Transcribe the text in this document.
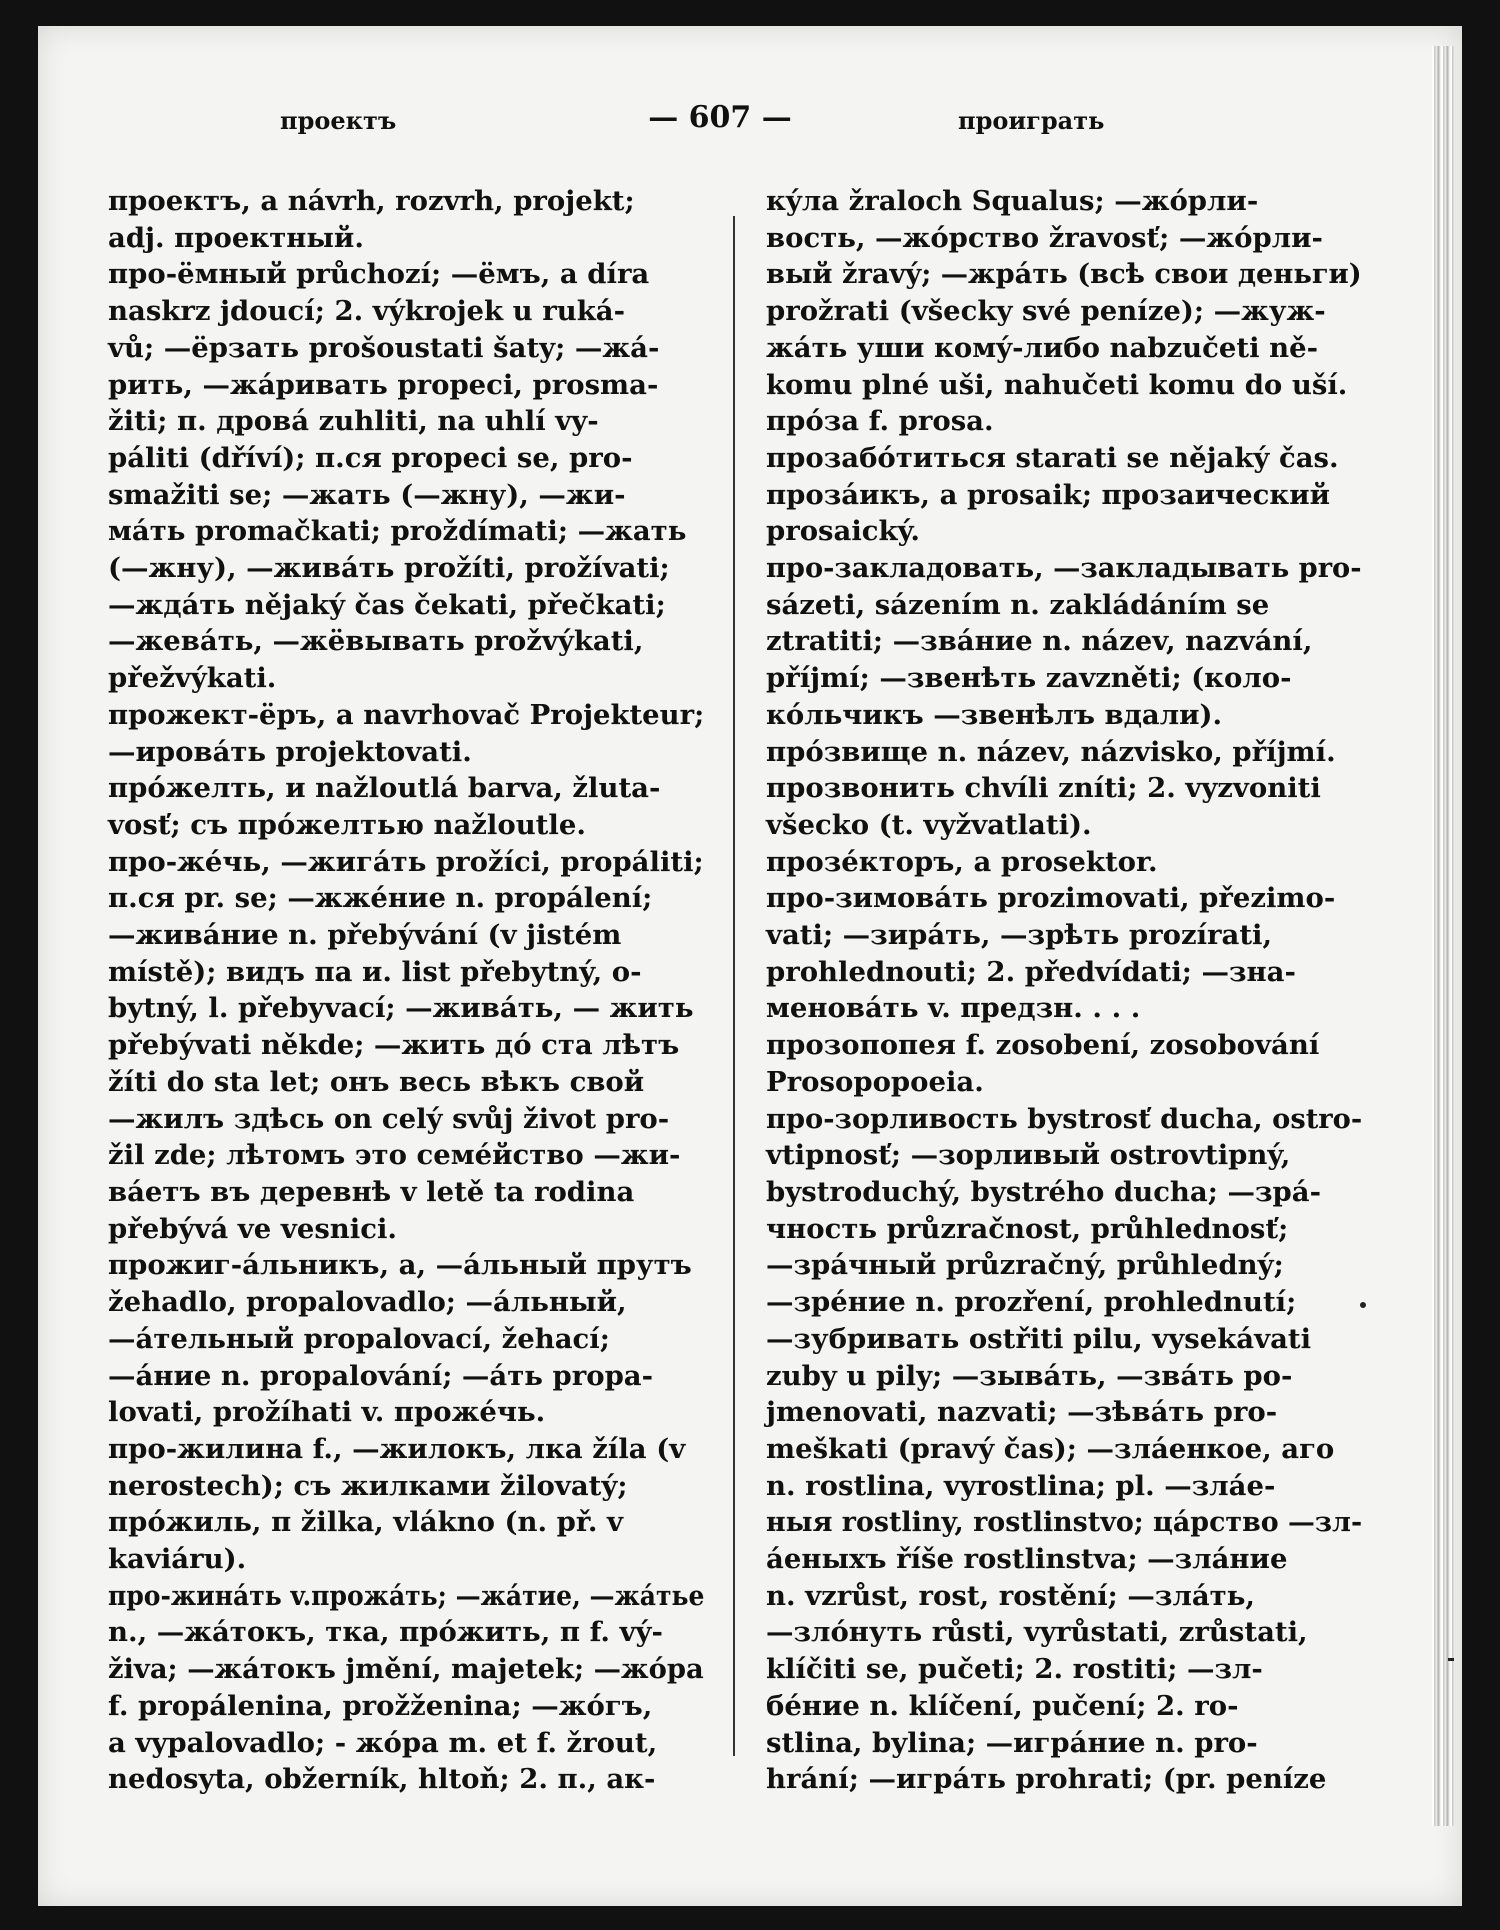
проектъ	— 607 —	проиграть
проектъ, a návrh, rozvrh, projekt;
adj. проектный.
про-ёмный průchozí; —ёмъ, a díra
naskrz jdoucí; 2. výkrojek u ruká-
vů; —ёрзать prošoustati šaty; —жá-
рить, —жáривать propeci, prosma-
žiti; п. дровá zuhliti, na uhlí vy-
páliti (dříví); п.ся propeci se, pro-
smažiti se; —жать (—жну), —жи-
мáть promačkati; proždímati; —жать
(—жну), —живáть prožíti, prožívati;
—ждáть nějaký čas čekati, přečkati;
—жевáть, —жёвывать prožvýkati,
přežvýkati.
прожект-ёръ, a navrhovač Projekteur;
—ировáть projektovati.
прóжелть, и nažloutlá barva, žluta-
vosť; съ прóжелтью nažloutle.
про-жéчь, —жигáть prožíci, propáliti;
п.ся pr. se; —жжéние n. propálení;
—живáние n. přebývání (v jistém
místě); видъ па и. list přebytný, o-
bytný, l. přebyvací; —живáть, — жить
přebývati někde; —жить дó ста лѣтъ
žíti do sta let; онъ весь вѣкъ свой
—жилъ здѣсь on celý svůj život pro-
žil zde; лѣтомъ это семéйство —жи-
вáетъ въ деревнѣ v letě ta rodina
přebývá ve vesnici.
прожиг-áльникъ, a, —áльный прутъ
žehadlo, propalovadlo; —áльный,
—áтельный propalovací, žehací;
—áние n. propalování; —áть propa-
lovati, prožíhati v. прожéчь.
про-жилина f., —жилокъ, лка žíla (v
nerostech); съ жилками žilovatý;
прóжиль, п žilka, vlákno (n. př. v
kaviáru).
про-жинáть v.прожáть; —жáтие, —жáтье
n., —жáтокъ, тка, прóжить, п f. vý-
živa; —жáтокъ jmění, majetek; —жóра
f. propálenina, prožženina; —жóгъ,
a vypalovadlo; - жóра m. et f. žrout,
nedosyta, obžerník, hltoň; 2. п., ак-
кýла žraloch Squalus; —жóрли-
вость, —жóрство žravosť; —жóрли-
вый žravý; —жрáть (всѣ свои деньги)
prožrati (všecky své peníze); —жуж-
жáть уши комý-либо nabzučeti ně-
komu plné uši, nahučeti komu do uší.
прóза f. prosa.
прозабóтиться starati se nějaký čas.
прозáикъ, a prosaik; прозаический
prosaický.
про-закладовать, —закладывать pro-
sázeti, sázením n. zakládáním se
ztratiti; —звáние n. název, nazvání,
příjmí; —звенѣть zavzněti; (коло-
кóльчикъ —звенѣлъ вдали).
прóзвище n. název, názvisko, příjmí.
прозвонить chvíli zníti; 2. vyzvoniti
všecko (t. vyžvatlati).
прозéкторъ, a prosektor.
про-зимовáть prozimovati, přezimo-
vati; —зирáть, —зрѣть prozírati,
prohlednouti; 2. předvídati; —зна-
меновáть v. предзн. . . .
прозопопея f. zosobení, zosobování
Prosopopoeia.
про-зорливость bystrosť ducha, ostro-
vtipnosť; —зорливый ostrovtipný,
bystroduchý, bystrého ducha; —зрá-
чность průzračnost, průhlednosť;
—зрáчный průzračný, průhledný;
—зрéние n. prozření, prohlednutí;
—зубривать ostřiti pilu, vysekávati
zuby u pily; —зывáть, —звáть po-
jmenovati, nazvati; —зѣвáть pro-
meškati (pravý čas); —злáенкое, аго
n. rostlina, vyrostlina; pl. —злáе-
ныя rostliny, rostlinstvo; цáрство —зл-
áеныхъ říše rostlinstva; —злáние
n. vzrůst, rost, rostění; —злáть,
—злóнуть růsti, vyrůstati, zrůstati,
klíčiti se, pučeti; 2. rostiti; —зл-
бéние n. klíčení, pučení; 2. ro-
stlina, bylina; —игрáние n. pro-
hrání; —игрáть prohrati; (pr. peníze
